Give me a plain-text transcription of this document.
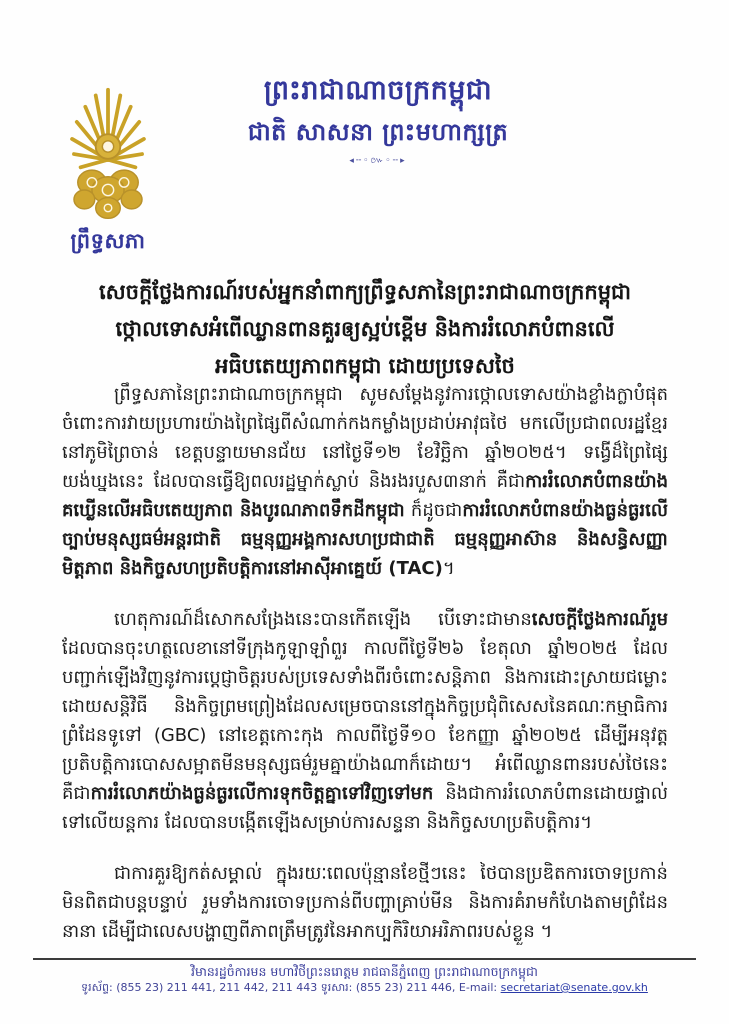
ព្រឹទ្ធសភា
ព្រះរាជាណាចក្រកម្ពុជា
ជាតិ សាសនា ព្រះមហាក្សត្រ
◂╌◦៚◦╌▸
សេចក្ដីថ្លែងការណ៍របស់អ្នកនាំពាក្យព្រឹទ្ធសភានៃព្រះរាជាណាចក្រកម្ពុជា
ថ្កោលទោសអំពើឈ្លានពានគួរឲ្យស្អប់ខ្ពើម និងការរំលោភបំពានលើ
អធិបតេយ្យភាពកម្ពុជា ដោយប្រទេសថៃ

ព្រឹទ្ធសភានៃព្រះរាជាណាចក្រកម្ពុជា សូមសម្ដែងនូវការថ្កោលទោសយ៉ាងខ្លាំងក្លាបំផុត ចំពោះការវាយប្រហារយ៉ាងព្រៃផ្សៃពីសំណាក់កងកម្លាំងប្រដាប់អាវុធថៃ មកលើប្រជាពលរដ្ឋខ្មែរនៅភូមិព្រៃចាន់ ខេត្តបន្ទាយមានជ័យ នៅថ្ងៃទី១២ ខែវិច្ឆិកា ឆ្នាំ២០២៥។ ទង្វើដ៏ព្រៃផ្សៃយង់ឃ្នងនេះ ដែលបានធ្វើឱ្យពលរដ្ឋម្នាក់ស្លាប់ និងរងរបួស៣នាក់ គឺជាការរំលោភបំពានយ៉ាងគឃ្លើនលើអធិបតេយ្យភាព និងបូរណភាពទឹកដីកម្ពុជា ក៏ដូចជាការរំលោភបំពានយ៉ាងធ្ងន់ធ្ងរលើច្បាប់មនុស្សធម៌អន្តរជាតិ ធម្មនុញ្ញអង្គការសហប្រជាជាតិ ធម្មនុញ្ញអាស៊ាន និងសន្ធិសញ្ញាមិត្តភាព និងកិច្ចសហប្រតិបត្តិការនៅអាស៊ីអាគ្នេយ៍ (TAC)។

ហេតុការណ៍ដ៏សោកសង្រែងនេះបានកើតឡើង បើទោះជាមានសេចក្ដីថ្លែងការណ៍រួម ដែលបានចុះហត្ថលេខានៅទីក្រុងកូឡាឡាំពួរ កាលពីថ្ងៃទី២៦ ខែតុលា ឆ្នាំ២០២៥ ដែលបញ្ជាក់ឡើងវិញនូវការប្ដេជ្ញាចិត្តរបស់ប្រទេសទាំងពីរចំពោះសន្តិភាព និងការដោះស្រាយជម្លោះដោយសន្តិវិធី និងកិច្ចព្រមព្រៀងដែលសម្រេចបាននៅក្នុងកិច្ចប្រជុំពិសេសនៃគណៈកម្មាធិការព្រំដែនទូទៅ (GBC) នៅខេត្តកោះកុង កាលពីថ្ងៃទី១០ ខែកញ្ញា ឆ្នាំ២០២៥ ដើម្បីអនុវត្តប្រតិបត្តិការបោសសម្អាតមីនមនុស្សធម៌រួមគ្នាយ៉ាងណាក៏ដោយ។ អំពើឈ្លានពានរបស់ថៃនេះ គឺជាការរំលោភយ៉ាងធ្ងន់ធ្ងរលើការទុកចិត្តគ្នាទៅវិញទៅមក និងជាការរំលោភបំពានដោយផ្ទាល់ទៅលើយន្តការ ដែលបានបង្កើតឡើងសម្រាប់ការសន្ទនា និងកិច្ចសហប្រតិបត្តិការ។

ជាការគួរឱ្យកត់សម្គាល់ ក្នុងរយៈពេលប៉ុន្មានខែថ្មីៗនេះ ថៃបានប្រឌិតការចោទប្រកាន់មិនពិតជាបន្តបន្ទាប់ រួមទាំងការចោទប្រកាន់ពីបញ្ហាគ្រាប់មីន និងការគំរាមកំហែងតាមព្រំដែននានា ដើម្បីជាលេសបង្ហាញពីភាពត្រឹមត្រូវនៃអាកប្បកិរិយាអរិភាពរបស់ខ្លួន ។

វិមានរដ្ឋចំការមន មហាវិថីព្រះនរោត្ដម រាជធានីភ្នំពេញ ព្រះរាជាណាចក្រកម្ពុជា
ទូរស័ព្ទ: (855 23) 211 441, 211 442, 211 443 ទូរសារ: (855 23) 211 446, E-mail: secretariat@senate.gov.kh
